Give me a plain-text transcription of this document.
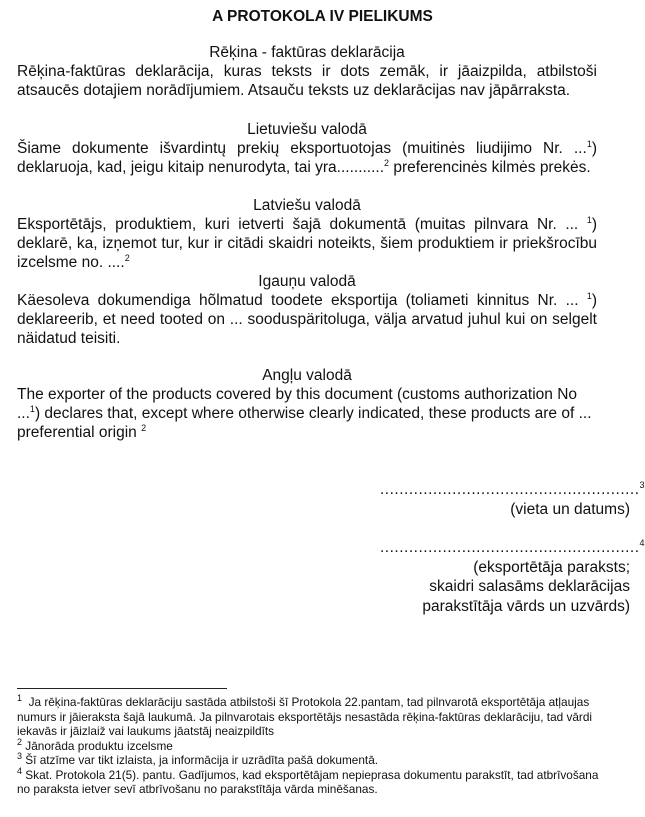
A PROTOKOLA IV PIELIKUMS

Rēķina - faktūras deklarācija

Rēķina-faktūras deklarācija, kuras teksts ir dots zemāk, ir jāaizpilda, atbilstoši atsaucēs dotajiem norādījumiem. Atsauču teksts uz deklarācijas nav jāpārraksta.

Lietuviešu valodā

Šiame dokumente išvardintų prekių eksportuotojas (muitinės liudijimo Nr. ...$^1$) deklaruoja, kad, jeigu kitaip nenurodyta, tai yra...........$^2$ preferencinės kilmės prekės.

Latviešu valodā

Eksportētājs, produktiem, kuri ietverti šajā dokumentā (muitas pilnvara Nr. ... $^1$) deklarē, ka, izņemot tur, kur ir citādi skaidri noteikts, šiem produktiem ir priekšrocību izcelsme no. ....$^2$

Igauņu valodā

Käesoleva dokumendiga hõlmatud toodete eksportija (toliameti kinnitus Nr. ... $^1$) deklareerib, et need tooted on ... sooduspäritoluga, välja arvatud juhul kui on selgelt näidatud teisiti.

Angļu valodā

The exporter of the products covered by this document (customs authorization No ...$^1$) declares that, except where otherwise clearly indicated, these products are of ... preferential origin $^2$

......................................................$^3$
(vieta un datums)
......................................................$^4$
(eksportētāja paraksts;
skaidri salasāms deklarācijas
parakstītāja vārds un uzvārds)

$^1$ Ja rēķina-faktūras deklarāciju sastāda atbilstoši šī Protokola 22.pantam, tad pilnvarotā eksportētāja atļaujas numurs ir jāieraksta šajā laukumā. Ja pilnvarotais eksportētājs nesastāda rēķina-faktūras deklarāciju, tad vārdi iekavās ir jāizlaiž vai laukums jāatstāj neaizpildīts

$^2$ Jānorāda produktu izcelsme

$^3$ Šī atzīme var tikt izlaista, ja informācija ir uzrādīta pašā dokumentā.

$^4$ Skat. Protokola 21(5). pantu. Gadījumos, kad eksportētājam nepieprasa dokumentu parakstīt, tad atbrīvošana no paraksta ietver sevī atbrīvošanu no parakstītāja vārda minēšanas.
